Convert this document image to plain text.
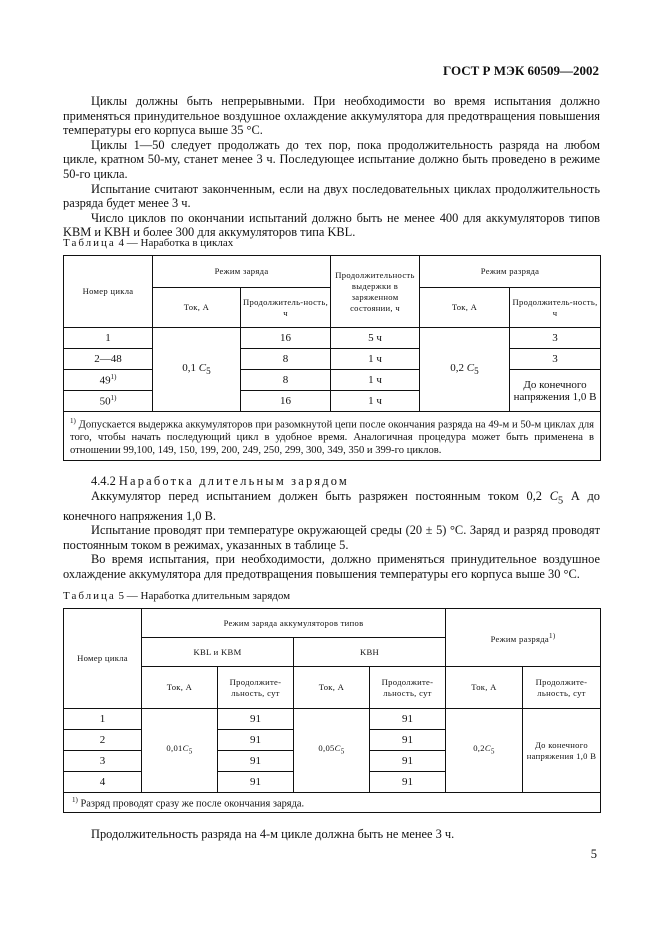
ГОСТ Р МЭК 60509—2002

Циклы должны быть непрерывными. При необходимости во время испытания должно применяться принудительное воздушное охлаждение аккумулятора для предотвращения повышения температуры его корпуса выше 35 °С.

Циклы 1—50 следует продолжать до тех пор, пока продолжительность разряда на любом цикле, кратном 50-му, станет менее 3 ч. Последующее испытание должно быть проведено в режиме 50-го цикла.

Испытание считают законченным, если на двух последовательных циклах продолжительность разряда будет менее 3 ч.

Число циклов по окончании испытаний должно быть не менее 400 для аккумуляторов типов KBM и KBH и более 300 для аккумуляторов типа KBL.

Таблица 4 — Наработка в циклах
Номер цикла	Режим заряда		Продолжительность выдержки в заряженном состоянии, ч	Режим разряда	
	Ток, А	Продолжитель-ность, ч		Ток, А	Продолжитель-ность, ч
1	0,1 $C_5$	16	5 ч	0,2 $C_5$	3
2—48		8	1 ч		3
49$^{1)}$		8	1 ч		До конечного напряжения 1,0 В
50$^{1)}$		16	1 ч		
$^{1)}$ Допускается выдержка аккумуляторов при разомкнутой цепи после окончания разряда на 49-м и 50-м циклах для того, чтобы начать последующий цикл в удобное время. Аналогичная процедура может быть применена в отношении 99,100, 149, 150, 199, 200, 249, 250, 299, 300, 349, 350 и 399-го циклов.					

4.4.2 Наработка длительным зарядом

Аккумулятор перед испытанием должен быть разряжен постоянным током 0,2 $C_5$ А до конечного напряжения 1,0 В.

Испытание проводят при температуре окружающей среды (20 ± 5) °С. Заряд и разряд проводят постоянным током в режимах, указанных в таблице 5.

Во время испытания, при необходимости, должно применяться принудительное воздушное охлаждение аккумулятора для предотвращения повышения температуры его корпуса выше 30 °С.

Таблица 5 — Наработка длительным зарядом
Номер цикла	Режим заряда аккумуляторов типов				Режим разряда$^{1)}$
	KBL и KBM		KBH			
	Ток, А	Продолжите-льность, сут	Ток, А	Продолжите-льность, сут	Ток, А	Продолжите-льность, сут
1	$0,01C_5$	91	$0,05C_5$	91	$0,2C_5$	До конечного напряжения 1,0 В
2		91		91		
3		91		91		
4		91		91		
$^{1)}$ Разряд проводят сразу же после окончания заряда.						

Продолжительность разряда на 4-м цикле должна быть не менее 3 ч.

5
